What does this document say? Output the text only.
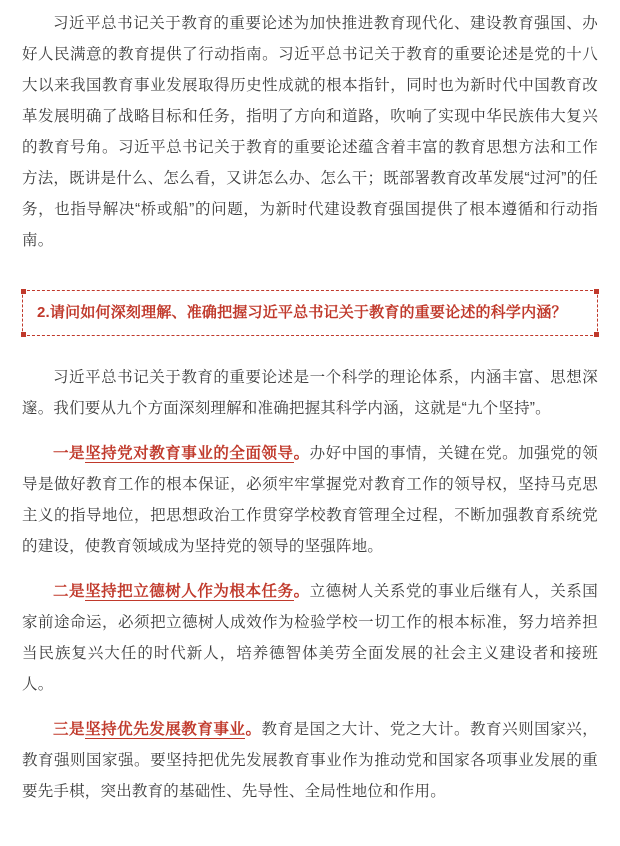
习近平总书记关于教育的重要论述为加快推进教育现代化、建设教育强国、办好人民满意的教育提供了行动指南。习近平总书记关于教育的重要论述是党的十八大以来我国教育事业发展取得历史性成就的根本指针，同时也为新时代中国教育改革发展明确了战略目标和任务，指明了方向和道路，吹响了实现中华民族伟大复兴的教育号角。习近平总书记关于教育的重要论述蕴含着丰富的教育思想方法和工作方法，既讲是什么、怎么看，又讲怎么办、怎么干；既部署教育改革发展“过河”的任务，也指导解决“桥或船”的问题，为新时代建设教育强国提供了根本遵循和行动指南。

2.请问如何深刻理解、准确把握习近平总书记关于教育的重要论述的科学内涵？

习近平总书记关于教育的重要论述是一个科学的理论体系，内涵丰富、思想深邃。我们要从九个方面深刻理解和准确把握其科学内涵，这就是“九个坚持”。

一是坚持党对教育事业的全面领导。办好中国的事情，关键在党。加强党的领导是做好教育工作的根本保证，必须牢牢掌握党对教育工作的领导权，坚持马克思主义的指导地位，把思想政治工作贯穿学校教育管理全过程，不断加强教育系统党的建设，使教育领域成为坚持党的领导的坚强阵地。

二是坚持把立德树人作为根本任务。立德树人关系党的事业后继有人，关系国家前途命运，必须把立德树人成效作为检验学校一切工作的根本标准，努力培养担当民族复兴大任的时代新人，培养德智体美劳全面发展的社会主义建设者和接班人。

三是坚持优先发展教育事业。教育是国之大计、党之大计。教育兴则国家兴，教育强则国家强。要坚持把优先发展教育事业作为推动党和国家各项事业发展的重要先手棋，突出教育的基础性、先导性、全局性地位和作用。
